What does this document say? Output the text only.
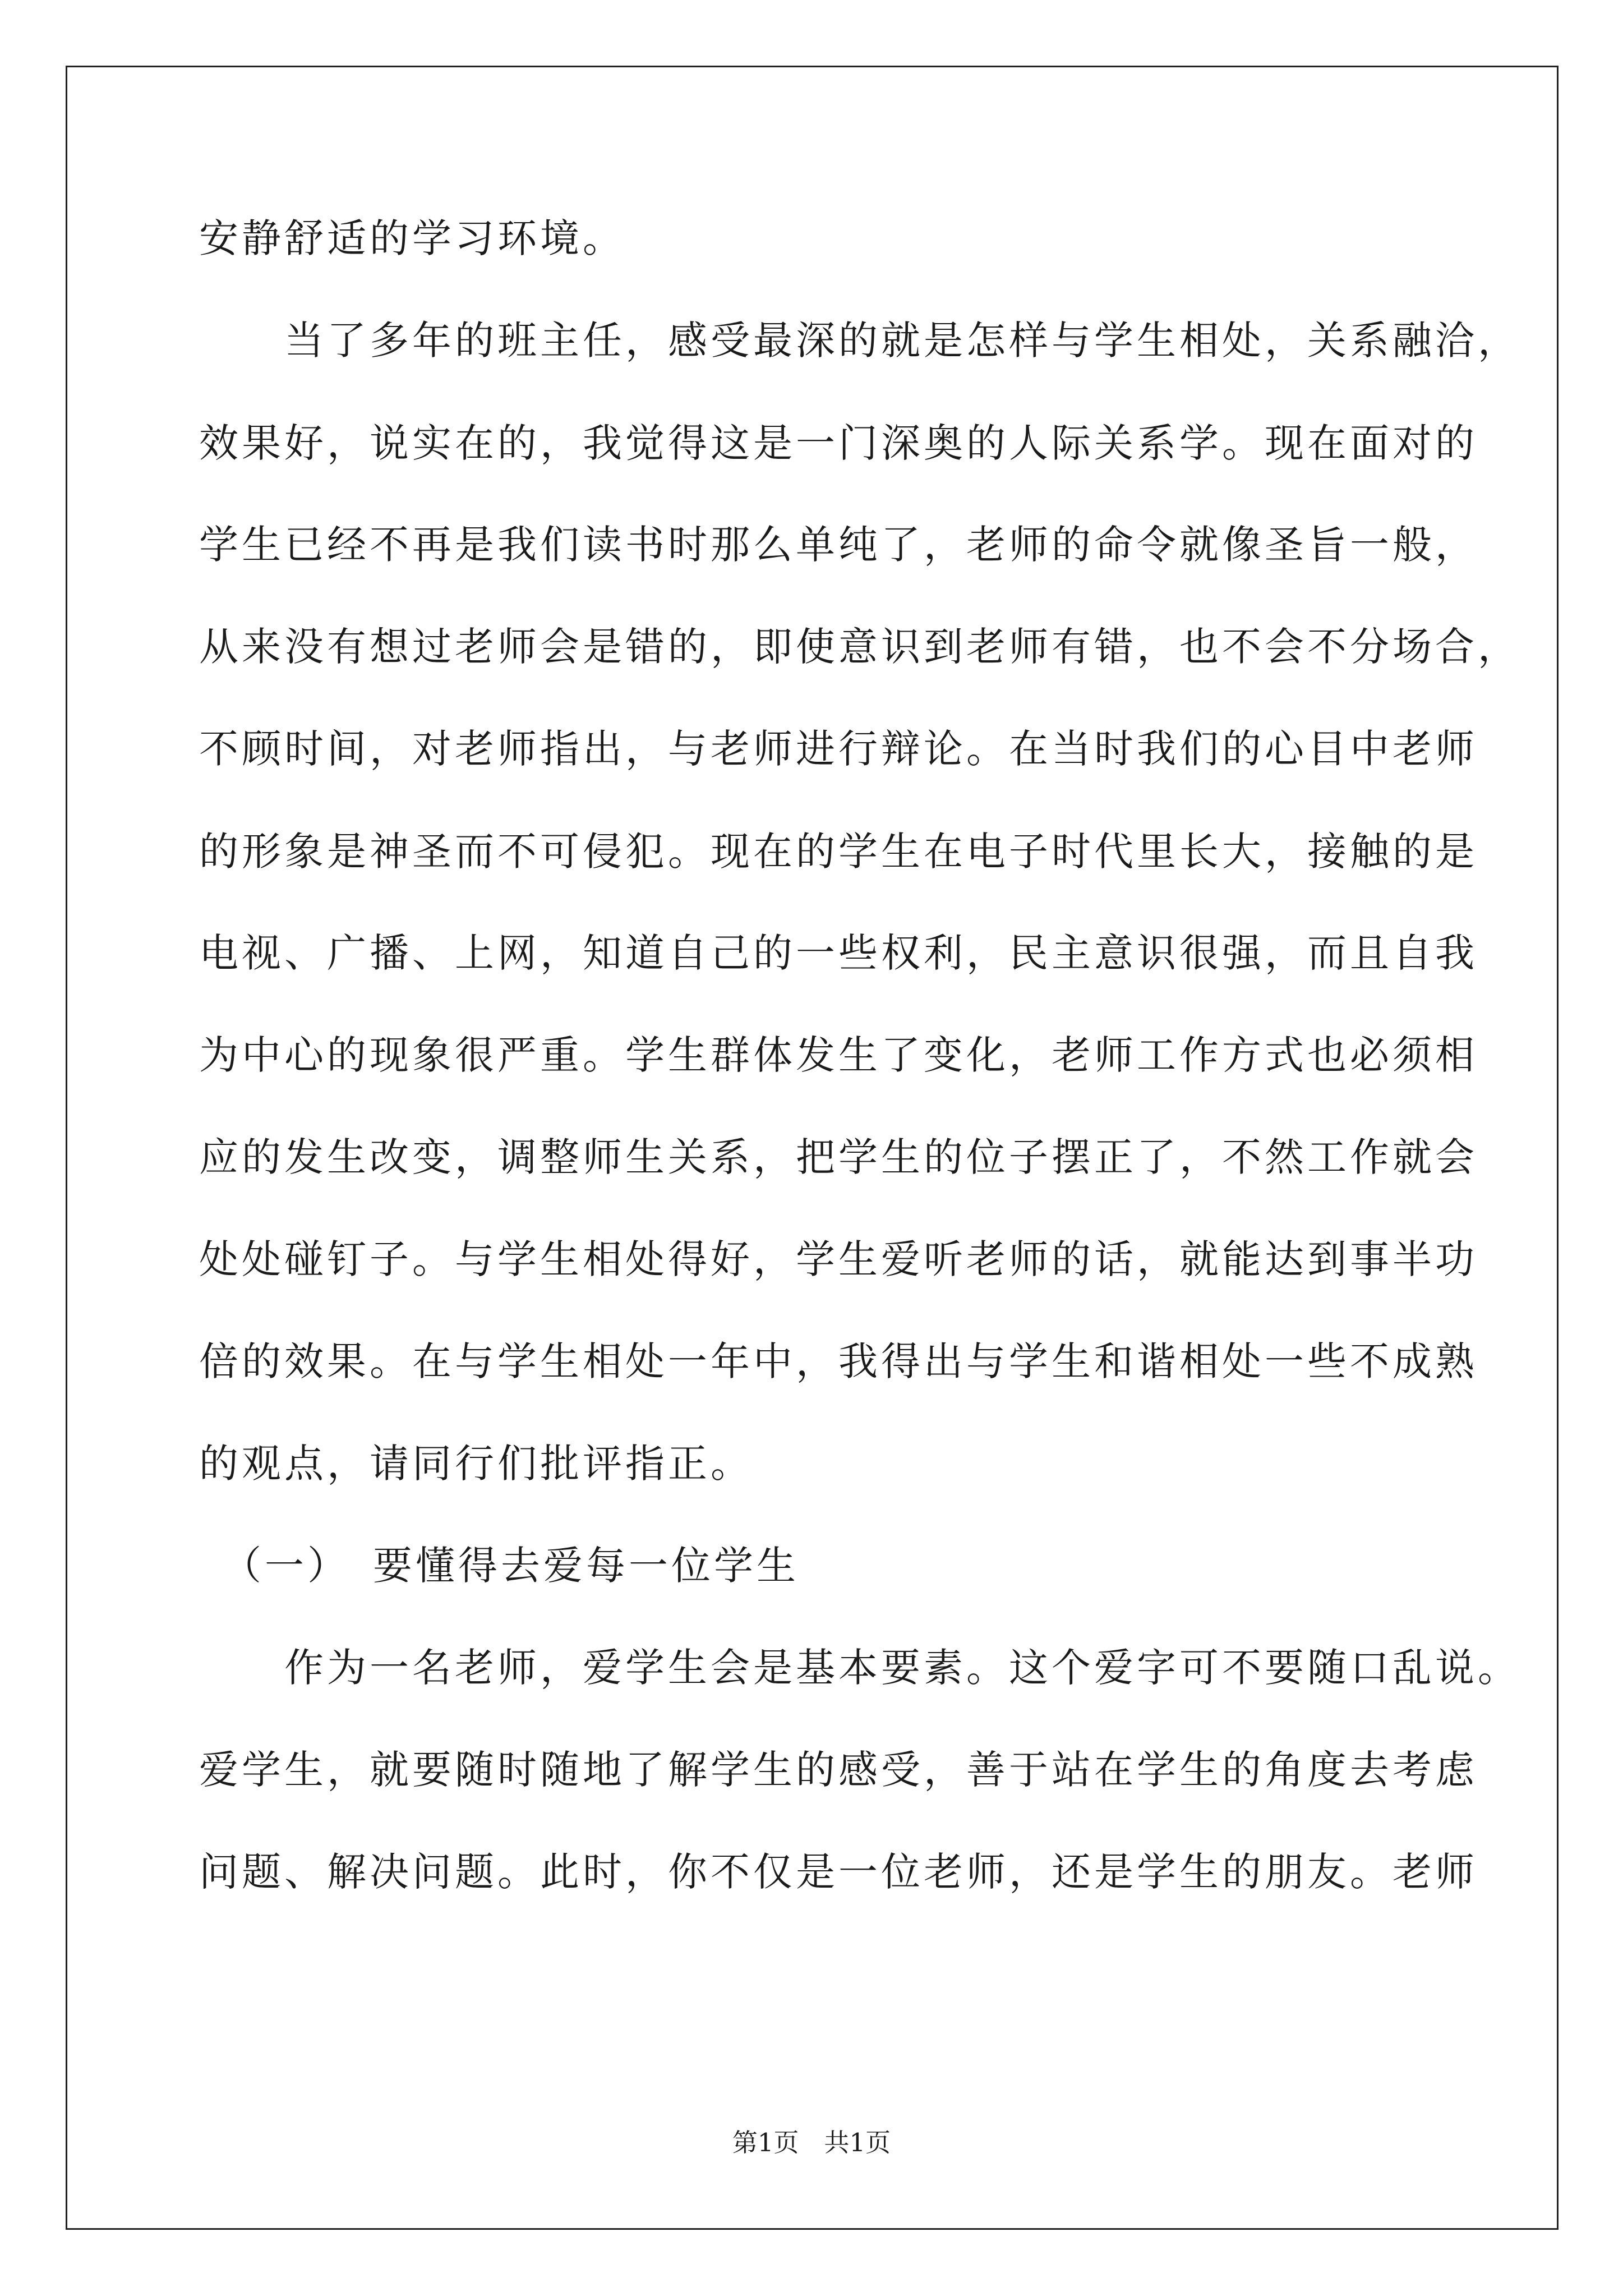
安静舒适的学习环境。
　　当了多年的班主任，感受最深的就是怎样与学生相处，关系融洽，
效果好，说实在的，我觉得这是一门深奥的人际关系学。现在面对的
学生已经不再是我们读书时那么单纯了，老师的命令就像圣旨一般，
从来没有想过老师会是错的，即使意识到老师有错，也不会不分场合，
不顾时间，对老师指出，与老师进行辩论。在当时我们的心目中老师
的形象是神圣而不可侵犯。现在的学生在电子时代里长大，接触的是
电视、广播、上网，知道自己的一些权利，民主意识很强，而且自我
为中心的现象很严重。学生群体发生了变化，老师工作方式也必须相
应的发生改变，调整师生关系，把学生的位子摆正了，不然工作就会
处处碰钉子。与学生相处得好，学生爱听老师的话，就能达到事半功
倍的效果。在与学生相处一年中，我得出与学生和谐相处一些不成熟
的观点，请同行们批评指正。
　（一）　要懂得去爱每一位学生
　　作为一名老师，爱学生会是基本要素。这个爱字可不要随口乱说。
爱学生，就要随时随地了解学生的感受，善于站在学生的角度去考虑
问题、解决问题。此时，你不仅是一位老师，还是学生的朋友。老师
第1页　共1页
